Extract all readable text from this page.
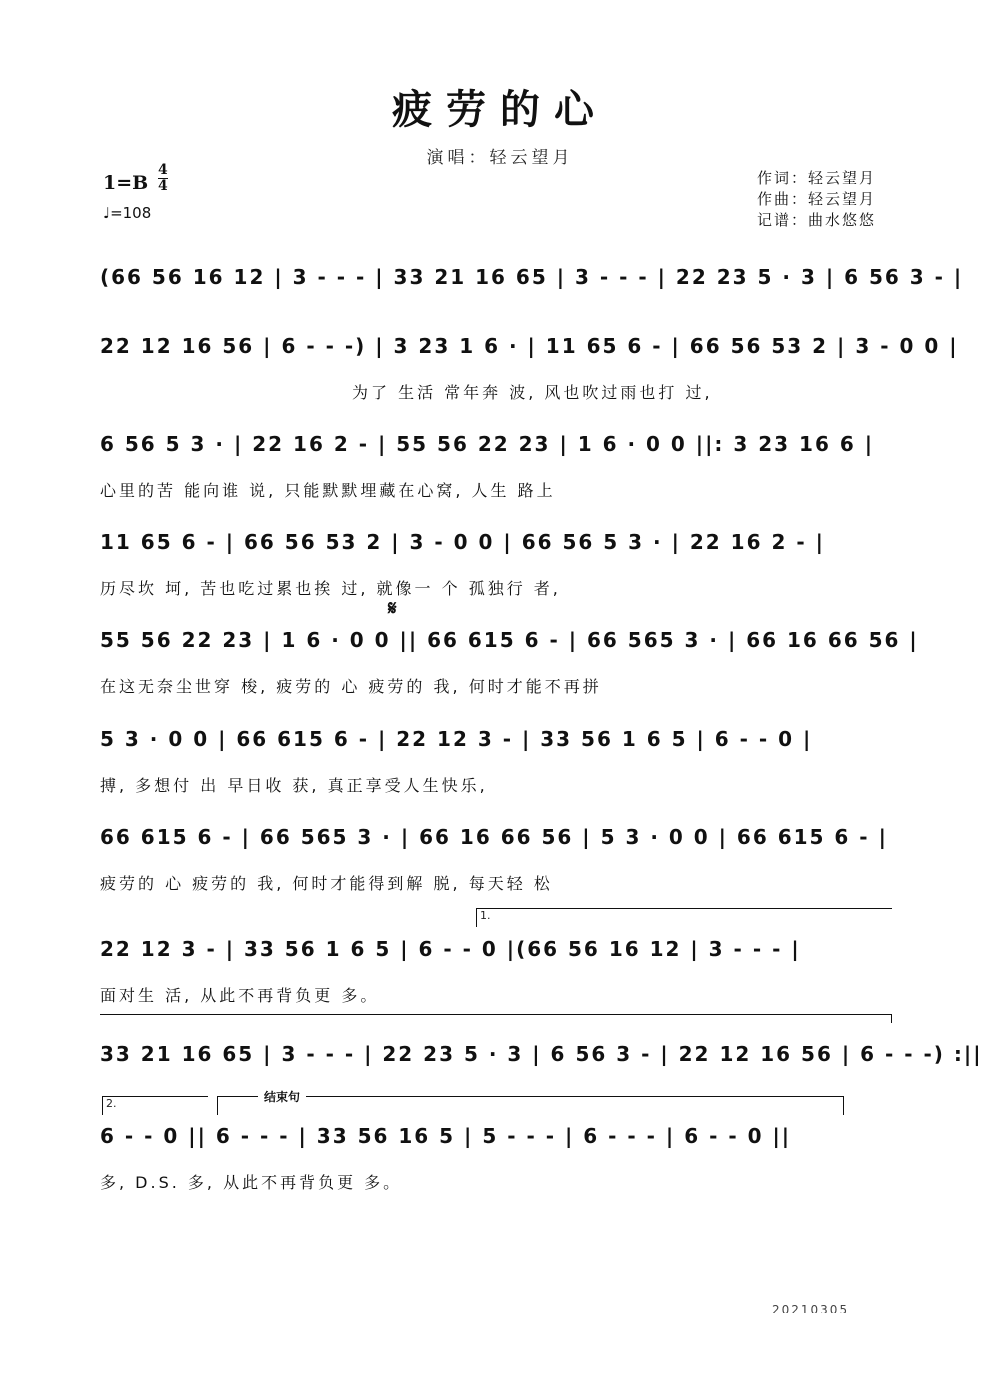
疲劳的心
演唱：轻云望月
1=B
4
4
♩=108
作词：轻云望月
作曲：轻云望月
记谱：曲水悠悠
(66 56 16 12 | 3 - - - | 33 21 16 65 | 3 - - - | 22 23 5 · 3 | 6 56 3 - |
22 12 16 56 | 6 - - -) | 3 23 1 6 · | 11 65 6 - | 66 56 53 2 | 3 - 0 0 |
为了 生活 常年奔 波, 风也吹过雨也打 过,
6 56 5 3 · | 22 16 2 - | 55 56 22 23 | 1 6 · 0 0 ||: 3 23 16 6 |
心里的苦 能向谁 说, 只能默默埋藏在心窝, 人生 路上
11 65 6 - | 66 56 53 2 | 3 - 0 0 | 66 56 5 3 · | 22 16 2 - |
历尽坎 坷, 苦也吃过累也挨 过, 就像一 个 孤独行 者,
𝄋
55 56 22 23 | 1 6 · 0 0 || 66 615 6 - | 66 565 3 · | 66 16 66 56 |
在这无奈尘世穿 梭, 疲劳的 心 疲劳的 我, 何时才能不再拼
5 3 · 0 0 | 66 615 6 - | 22 12 3 - | 33 56 1 6 5 | 6 - - 0 |
搏, 多想付 出 早日收 获, 真正享受人生快乐,
66 615 6 - | 66 565 3 · | 66 16 66 56 | 5 3 · 0 0 | 66 615 6 - |
疲劳的 心 疲劳的 我, 何时才能得到解 脱, 每天轻 松
1.
22 12 3 - | 33 56 1 6 5 | 6 - - 0 |(66 56 16 12 | 3 - - - |
面对生 活, 从此不再背负更 多。
33 21 16 65 | 3 - - - | 22 23 5 · 3 | 6 56 3 - | 22 12 16 56 | 6 - - -) :||
2.	结束句
6 - - 0 || 6 - - - | 33 56 16 5 | 5 - - - | 6 - - - | 6 - - 0 ||
多, D.S. 多, 从此不再背负更 多。
20210305
